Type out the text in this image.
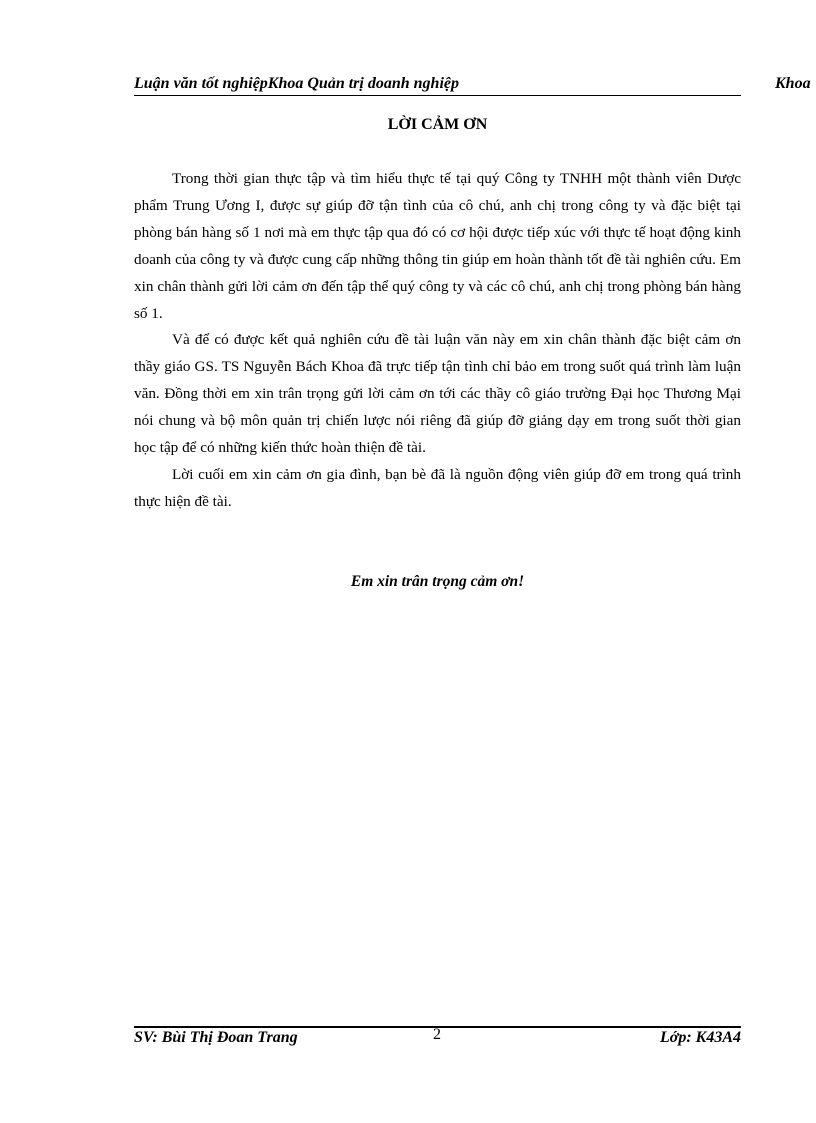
Luận văn tốt nghiệpKhoa Quản trị doanh nghiệp	Khoa
LỜI CẢM ƠN

Trong thời gian thực tập và tìm hiểu thực tế tại quý Công ty TNHH một thành viên Dược phẩm Trung Ương I, được sự giúp đỡ tận tình của cô chú, anh chị trong công ty và đặc biệt tại phòng bán hàng số 1 nơi mà em thực tập qua đó có cơ hội được tiếp xúc với thực tế hoạt động kinh doanh của công ty và được cung cấp những thông tin giúp em hoàn thành tốt đề tài nghiên cứu. Em xin chân thành gửi lời cảm ơn đến tập thể quý công ty và các cô chú, anh chị trong phòng bán hàng số 1.

Và để có được kết quả nghiên cứu đề tài luận văn này em xin chân thành đặc biệt cảm ơn thầy giáo GS. TS Nguyễn Bách Khoa đã trực tiếp tận tình chỉ bảo em trong suốt quá trình làm luận văn. Đồng thời em xin trân trọng gửi lời cảm ơn tới các thầy cô giáo trường Đại học Thương Mại nói chung và bộ môn quản trị chiến lược nói riêng đã giúp đỡ giảng dạy em trong suốt thời gian học tập để có những kiến thức hoàn thiện đề tài.

Lời cuối em xin cảm ơn gia đình, bạn bè đã là nguồn động viên giúp đỡ em trong quá trình thực hiện đề tài.

Em xin trân trọng cảm ơn!
SV: Bùi Thị Đoan Trang	2	Lớp: K43A4
